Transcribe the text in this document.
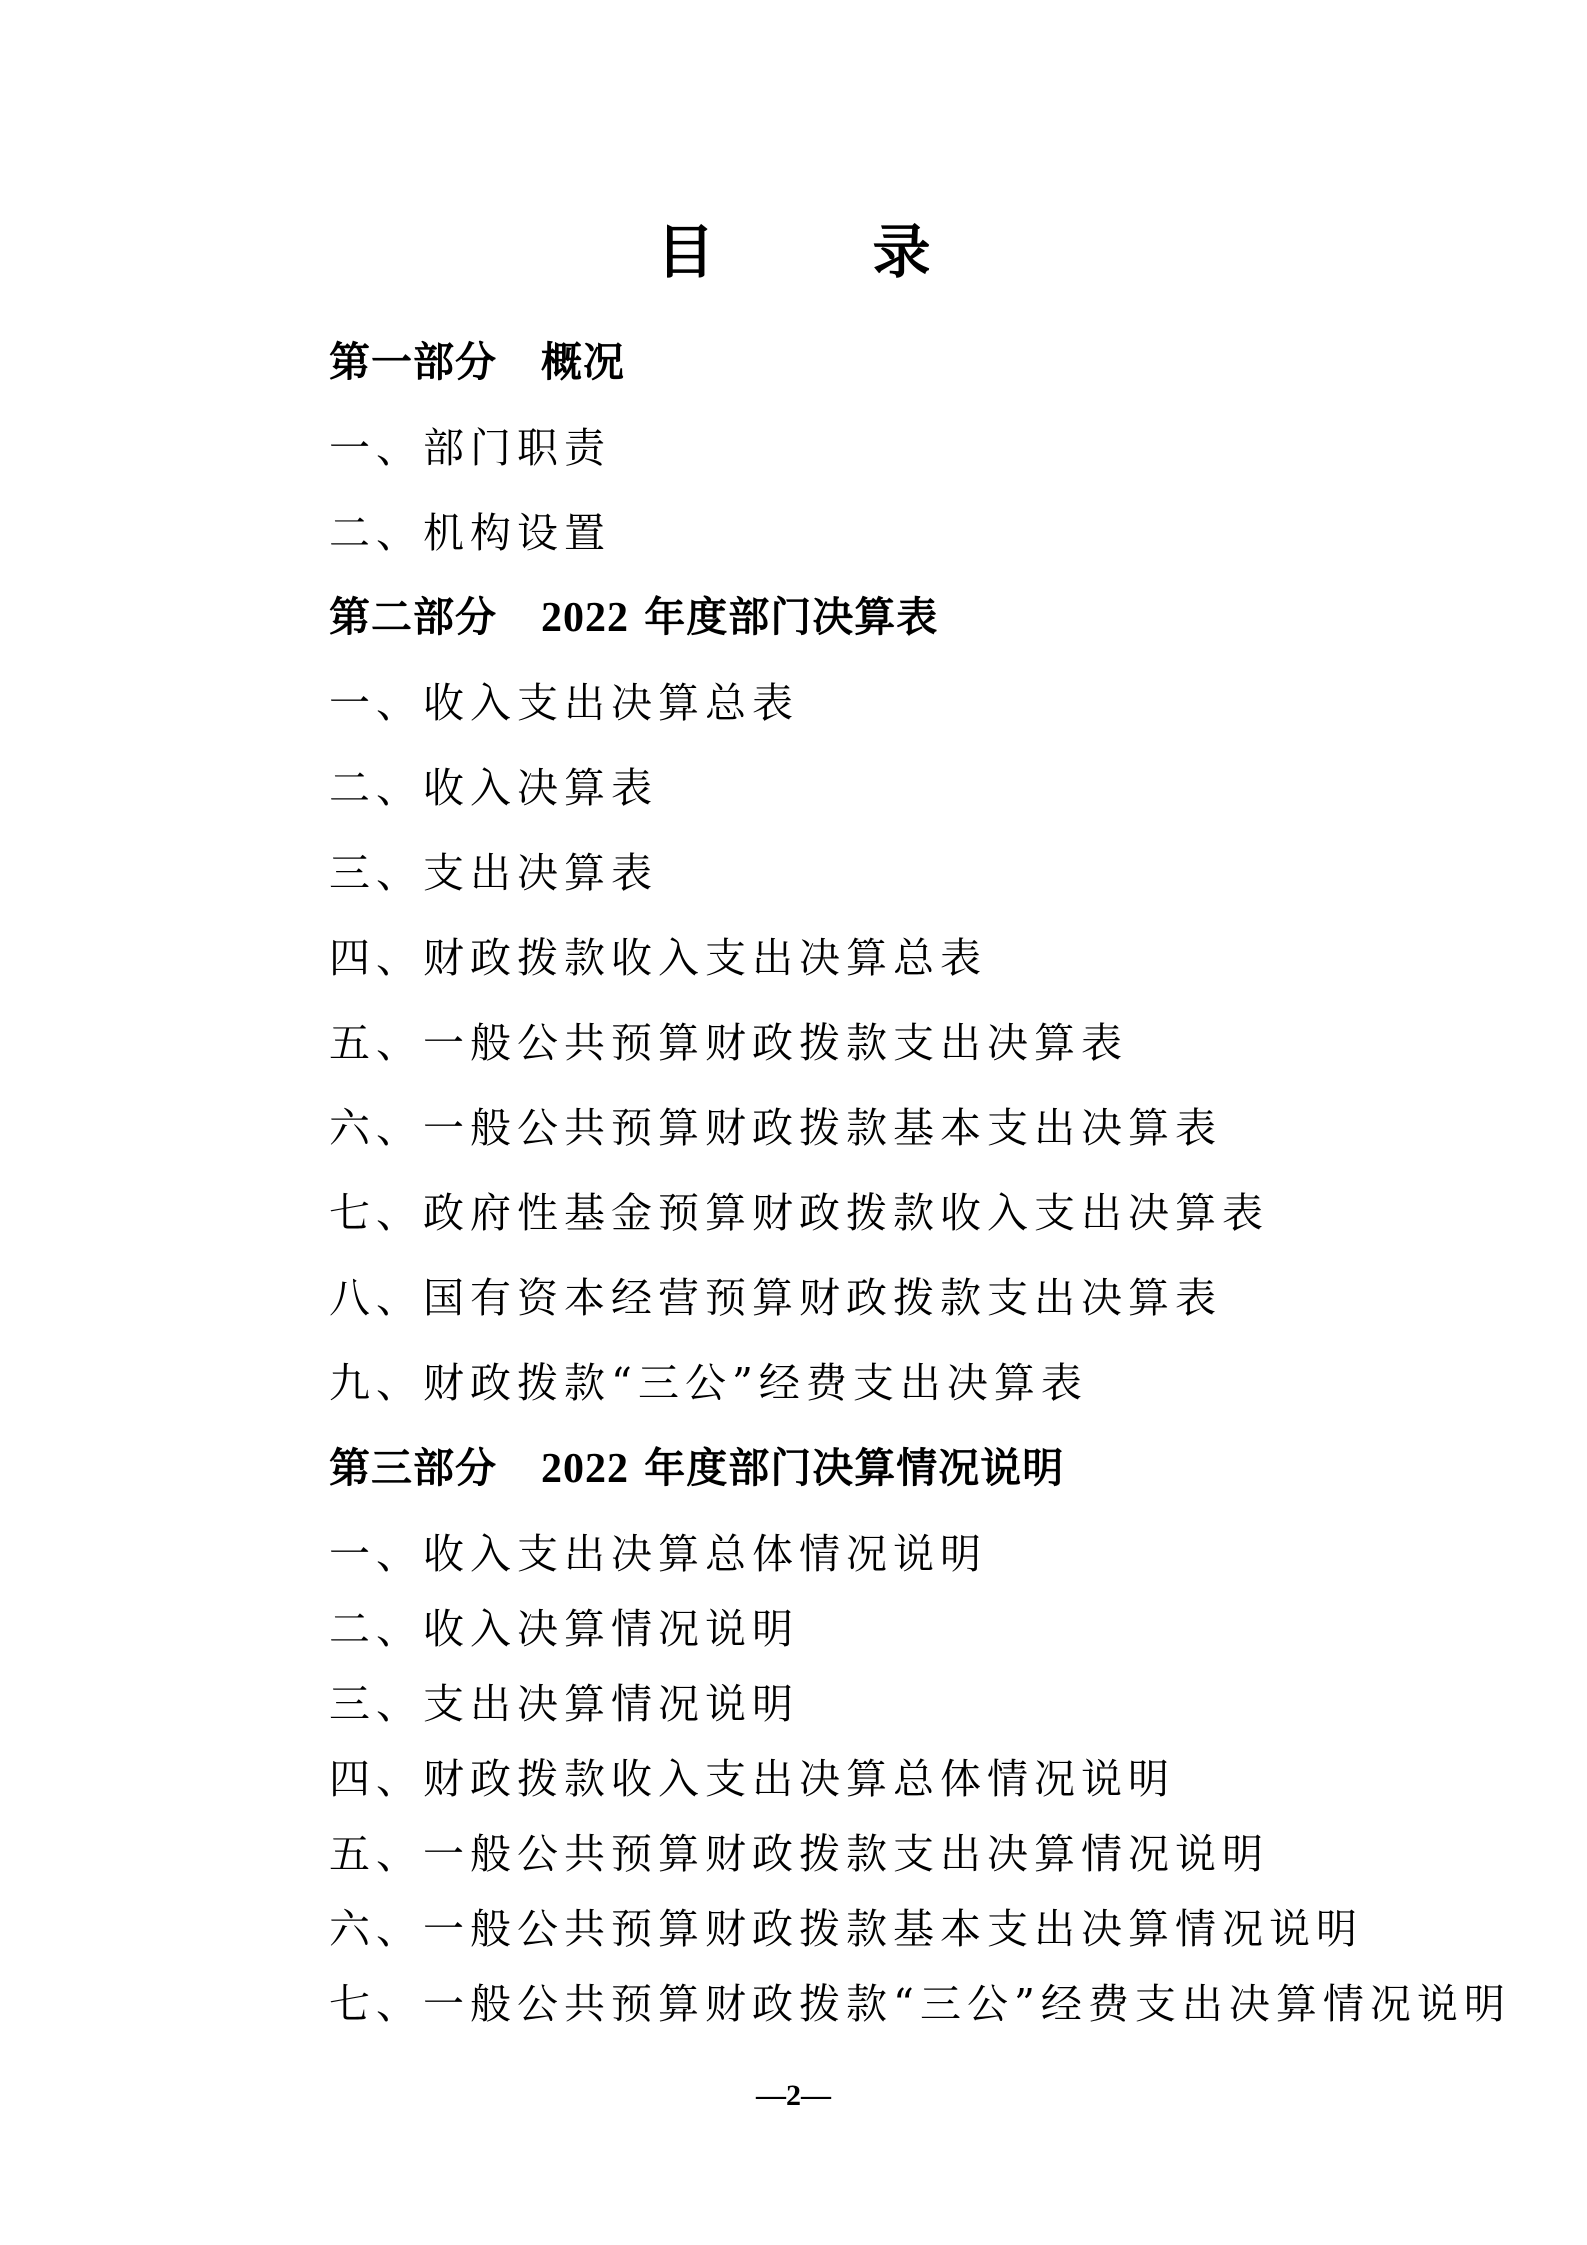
目　录
第一部分 概况
一、部门职责
二、机构设置
第二部分 2022 年度部门决算表
一、收入支出决算总表
二、收入决算表
三、支出决算表
四、财政拨款收入支出决算总表
五、一般公共预算财政拨款支出决算表
六、一般公共预算财政拨款基本支出决算表
七、政府性基金预算财政拨款收入支出决算表
八、国有资本经营预算财政拨款支出决算表
九、财政拨款“三公”经费支出决算表
第三部分 2022 年度部门决算情况说明
一、收入支出决算总体情况说明
二、收入决算情况说明
三、支出决算情况说明
四、财政拨款收入支出决算总体情况说明
五、一般公共预算财政拨款支出决算情况说明
六、一般公共预算财政拨款基本支出决算情况说明
七、一般公共预算财政拨款“三公”经费支出决算情况说明
—2—
